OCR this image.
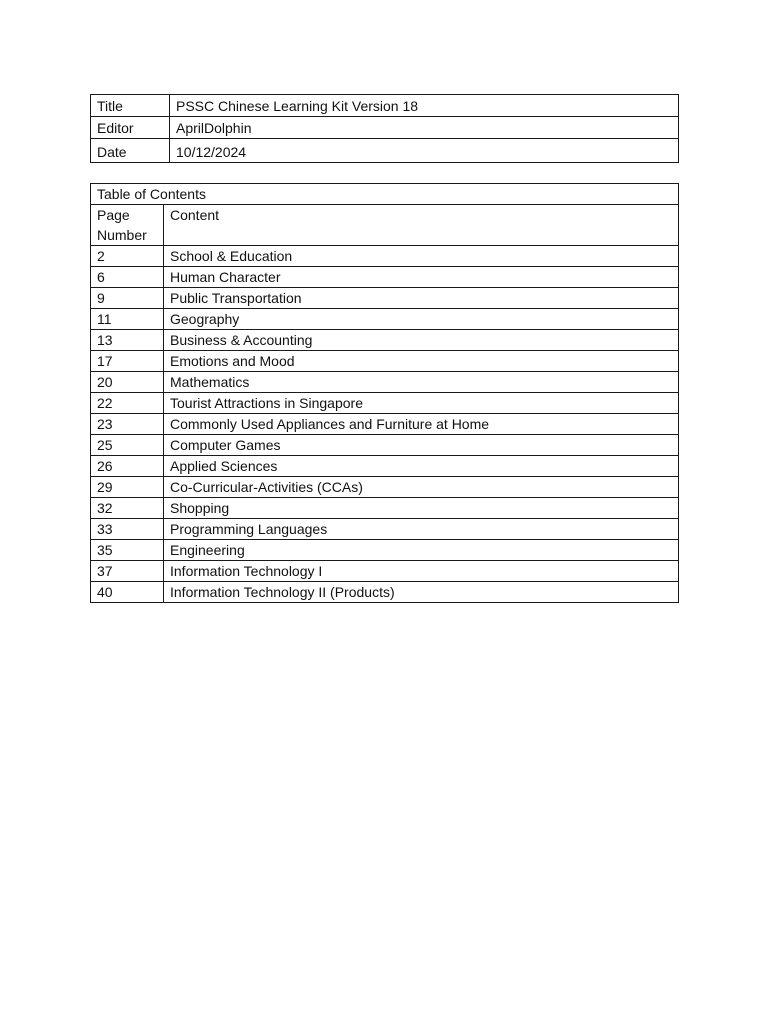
Title	PSSC Chinese Learning Kit Version 18
Editor	AprilDolphin
Date	10/12/2024
Table of Contents	
Page
Number	Content
2	School & Education
6	Human Character
9	Public Transportation
11	Geography
13	Business & Accounting
17	Emotions and Mood
20	Mathematics
22	Tourist Attractions in Singapore
23	Commonly Used Appliances and Furniture at Home
25	Computer Games
26	Applied Sciences
29	Co-Curricular-Activities (CCAs)
32	Shopping
33	Programming Languages
35	Engineering
37	Information Technology I
40	Information Technology II (Products)
